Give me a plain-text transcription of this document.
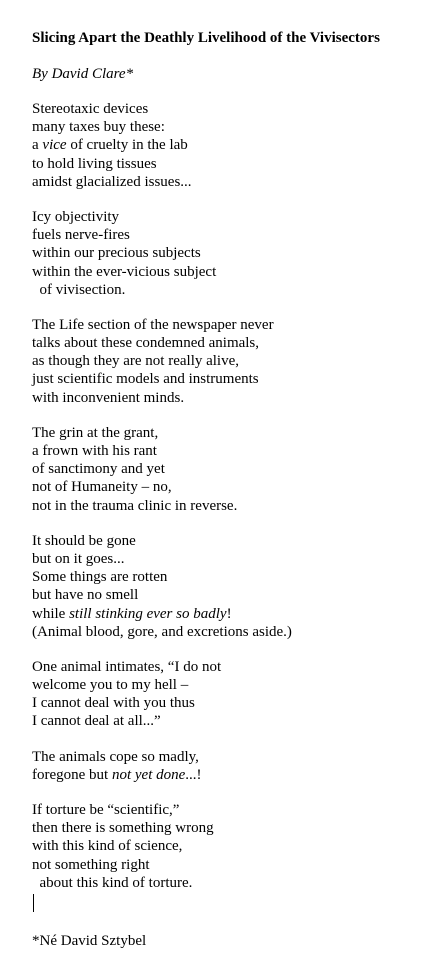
Slicing Apart the Deathly Livelihood of the Vivisectors
By David Clare*
Stereotaxic devices
many taxes buy these:
a vice of cruelty in the lab
to hold living tissues
amidst glacialized issues...
Icy objectivity
fuels nerve-fires
within our precious subjects
within the ever-vicious subject
of vivisection.
The Life section of the newspaper never
talks about these condemned animals,
as though they are not really alive,
just scientific models and instruments
with inconvenient minds.
The grin at the grant,
a frown with his rant
of sanctimony and yet
not of Humaneity – no,
not in the trauma clinic in reverse.
It should be gone
but on it goes...
Some things are rotten
but have no smell
while still stinking ever so badly!
(Animal blood, gore, and excretions aside.)
One animal intimates, “I do not
welcome you to my hell –
I cannot deal with you thus
I cannot deal at all...”
The animals cope so madly,
foregone but not yet done...!
If torture be “scientific,”
then there is something wrong
with this kind of science,
not something right
about this kind of torture.
*Né David Sztybel
